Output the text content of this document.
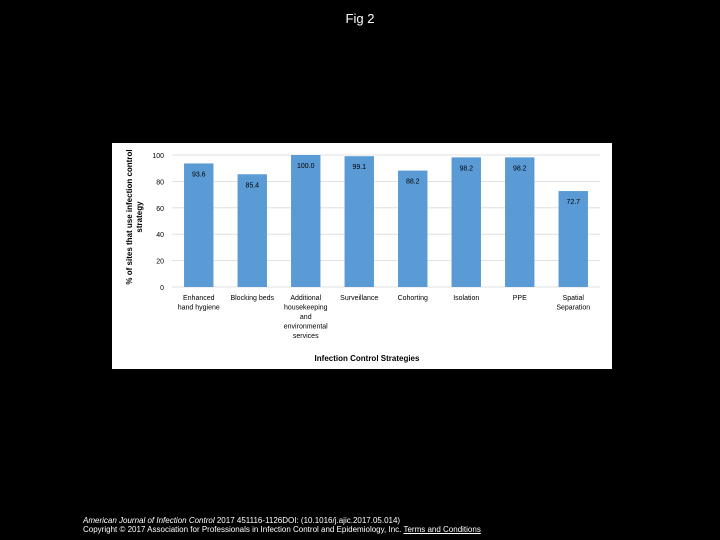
Fig 2
93.6
85.4
100.0	99.1
88.2
98.2	98.2
72.7
0
20
40
60
80
100
Enhanced hand hygiene
Blocking beds	Additional housekeeping and environmental services
Surveillance	Cohorting	Isolation	PPE	Spatial Separation
% of sites that use infection controlstrategy
Infection Control Strategies
American Journal of Infection Control 2017 451116-1126DOI: (10.1016/j.ajic.2017.05.014)
Copyright © 2017 Association for Professionals in Infection Control and Epidemiology, Inc. Terms and Conditions
